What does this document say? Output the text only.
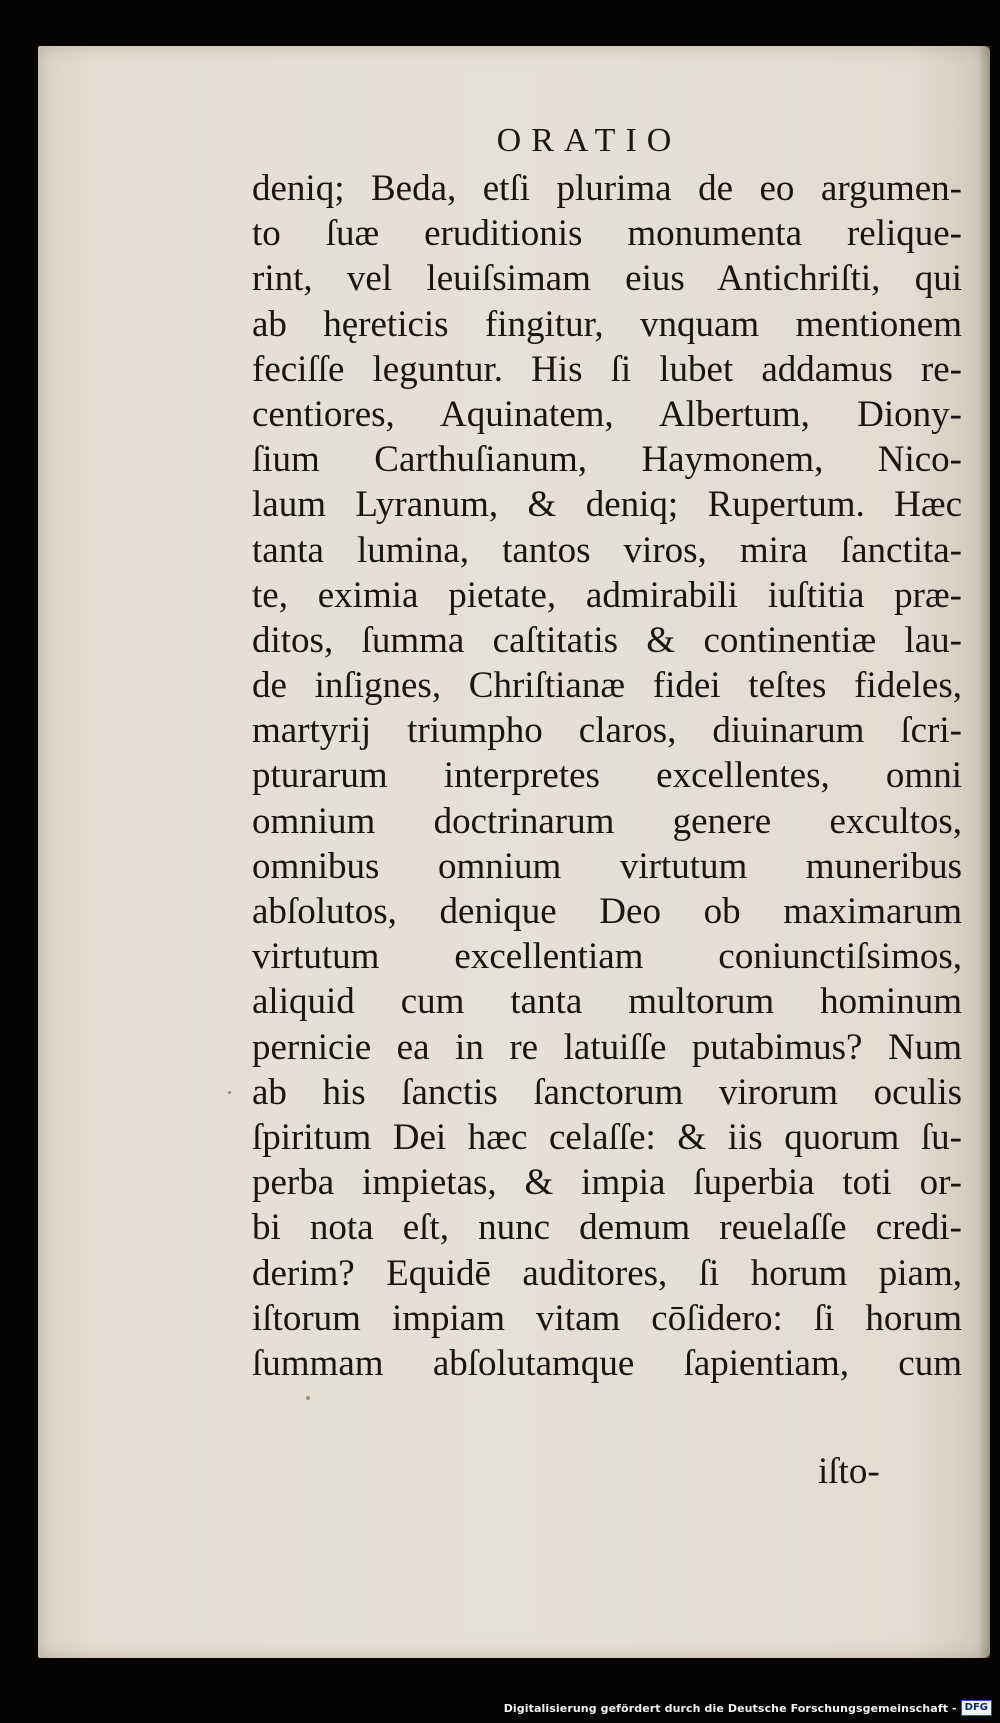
ORATIO
deniq; Beda, etſi plurima de eo argumen-
to ſuæ eruditionis monumenta relique-
rint, vel leuiſsimam eius Antichriſti, qui
ab hęreticis fingitur, vnquam mentionem
feciſſe leguntur. His ſi lubet addamus re-
centiores, Aquinatem, Albertum, Diony-
ſium Carthuſianum, Haymonem, Nico-
laum Lyranum, & deniq; Rupertum. Hæc
tanta lumina, tantos viros, mira ſanctita-
te, eximia pietate, admirabili iuſtitia præ-
ditos, ſumma caſtitatis & continentiæ lau-
de inſignes, Chriſtianæ fidei teſtes fideles,
martyrij triumpho claros, diuinarum ſcri-
pturarum interpretes excellentes, omni
omnium doctrinarum genere excultos,
omnibus omnium virtutum muneribus
abſolutos, denique Deo ob maximarum
virtutum excellentiam coniunctiſsimos,
aliquid cum tanta multorum hominum
pernicie ea in re latuiſſe putabimus? Num
ab his ſanctis ſanctorum virorum oculis
ſpiritum Dei hæc celaſſe: & iis quorum ſu-
perba impietas, & impia ſuperbia toti or-
bi nota eſt, nunc demum reuelaſſe credi-
derim? Equidē auditores, ſi horum piam,
iſtorum impiam vitam cōſidero: ſi horum
ſummam abſolutamque ſapientiam, cum
iſto-
Digitalisierung gefördert durch die Deutsche Forschungsgemeinschaft - DFG
